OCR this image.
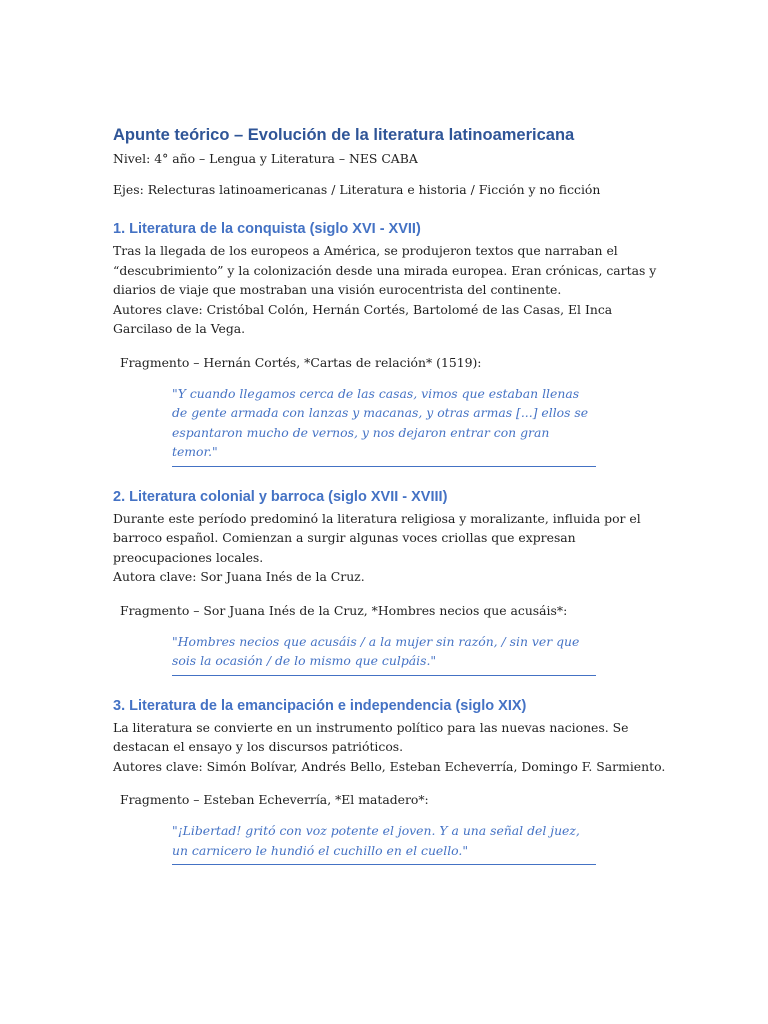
Apunte teórico – Evolución de la literatura latinoamericana

Nivel: 4° año – Lengua y Literatura – NES CABA

Ejes: Relecturas latinoamericanas / Literatura e historia / Ficción y no ficción

1. Literatura de la conquista (siglo XVI - XVII)

Tras la llegada de los europeos a América, se produjeron textos que narraban el “descubrimiento” y la colonización desde una mirada europea. Eran crónicas, cartas y diarios de viaje que mostraban una visión eurocentrista del continente.

Autores clave: Cristóbal Colón, Hernán Cortés, Bartolomé de las Casas, El Inca Garcilaso de la Vega.

Fragmento – Hernán Cortés, *Cartas de relación* (1519):

"Y cuando llegamos cerca de las casas, vimos que estaban llenas de gente armada con lanzas y macanas, y otras armas [...] ellos se espantaron mucho de vernos, y nos dejaron entrar con gran temor."

2. Literatura colonial y barroca (siglo XVII - XVIII)

Durante este período predominó la literatura religiosa y moralizante, influida por el barroco español. Comienzan a surgir algunas voces criollas que expresan preocupaciones locales.

Autora clave: Sor Juana Inés de la Cruz.

Fragmento – Sor Juana Inés de la Cruz, *Hombres necios que acusáis*:

"Hombres necios que acusáis / a la mujer sin razón, / sin ver que sois la ocasión / de lo mismo que culpáis."

3. Literatura de la emancipación e independencia (siglo XIX)

La literatura se convierte en un instrumento político para las nuevas naciones. Se destacan el ensayo y los discursos patrióticos.

Autores clave: Simón Bolívar, Andrés Bello, Esteban Echeverría, Domingo F. Sarmiento.

Fragmento – Esteban Echeverría, *El matadero*:

"¡Libertad! gritó con voz potente el joven. Y a una señal del juez, un carnicero le hundió el cuchillo en el cuello."
